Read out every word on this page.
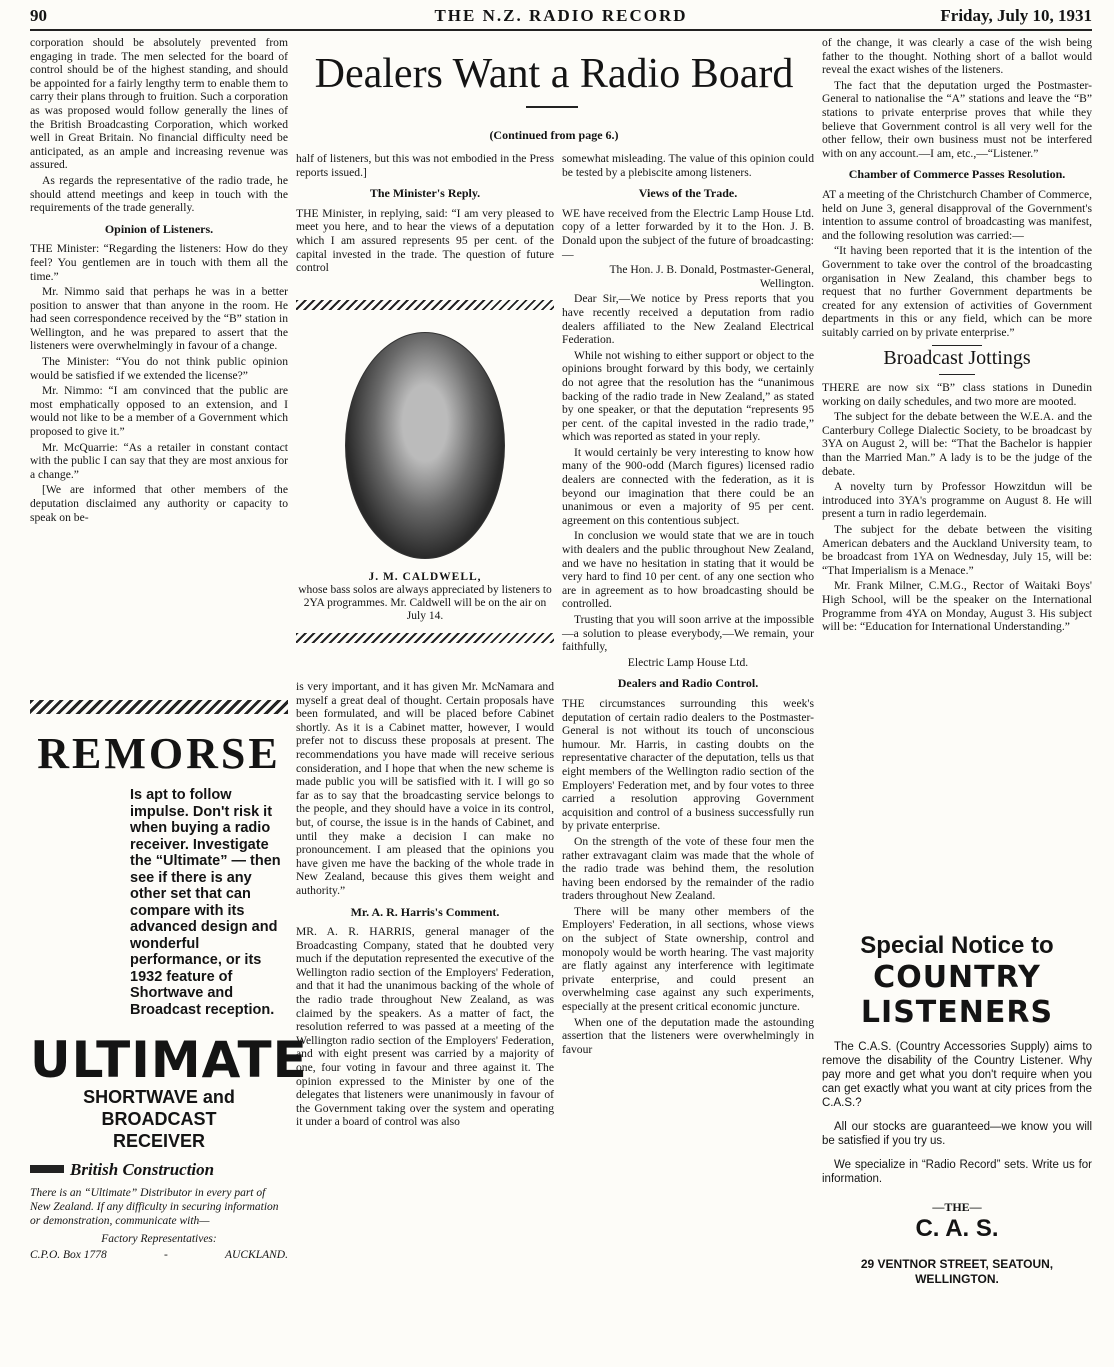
90	THE N.Z. RADIO RECORD	Friday, July 10, 1931

corporation should be absolutely prevented from engaging in trade. The men selected for the board of control should be of the highest standing, and should be appointed for a fairly lengthy term to enable them to carry their plans through to fruition. Such a corporation as was proposed would follow generally the lines of the British Broadcasting Corporation, which worked well in Great Britain. No financial difficulty need be anticipated, as an ample and increasing revenue was assured.

As regards the representative of the radio trade, he should attend meetings and keep in touch with the requirements of the trade generally.

Opinion of Listeners.

THE Minister: “Regarding the listeners: How do they feel? You gentlemen are in touch with them all the time.”

Mr. Nimmo said that perhaps he was in a better position to answer that than anyone in the room. He had seen correspondence received by the “B” station in Wellington, and he was prepared to assert that the listeners were overwhelmingly in favour of a change.

The Minister: “You do not think public opinion would be satisfied if we extended the license?”

Mr. Nimmo: “I am convinced that the public are most emphatically opposed to an extension, and I would not like to be a member of a Government which proposed to give it.”

Mr. McQuarrie: “As a retailer in constant contact with the public I can say that they are most anxious for a change.”

[We are informed that other members of the deputation disclaimed any authority or capacity to speak on be-

REMORSE
Is apt to follow impulse. Don't risk it when buying a radio receiver. Investigate the “Ultimate” — then see if there is any other set that can compare with its advanced design and wonderful performance, or its 1932 feature of Shortwave and Broadcast reception.
ULTIMATE
SHORTWAVE and BROADCAST
RECEIVER
British Construction
There is an “Ultimate” Distributor in every part of New Zealand. If any difficulty in securing information or demonstration, communicate with—
Factory Representatives:
C.P.O. Box 1778	-	AUCKLAND.
Dealers Want a Radio Board
(Continued from page 6.)

half of listeners, but this was not embodied in the Press reports issued.]

The Minister's Reply.

THE Minister, in replying, said: “I am very pleased to meet you here, and to hear the views of a deputation which I am assured represents 95 per cent. of the capital invested in the trade. The question of future control

J. M. CALDWELL,
whose bass solos are always appreciated by listeners to 2YA programmes. Mr. Caldwell will be on the air on July 14.

is very important, and it has given Mr. McNamara and myself a great deal of thought. Certain proposals have been formulated, and will be placed before Cabinet shortly. As it is a Cabinet matter, however, I would prefer not to discuss these proposals at present. The recommendations you have made will receive serious consideration, and I hope that when the new scheme is made public you will be satisfied with it. I will go so far as to say that the broadcasting service belongs to the people, and they should have a voice in its control, but, of course, the issue is in the hands of Cabinet, and until they make a decision I can make no pronouncement. I am pleased that the opinions you have given me have the backing of the whole trade in New Zealand, because this gives them weight and authority.”

Mr. A. R. Harris's Comment.

MR. A. R. HARRIS, general manager of the Broadcasting Company, stated that he doubted very much if the deputation represented the executive of the Wellington radio section of the Employers' Federation, and that it had the unanimous backing of the whole of the radio trade throughout New Zealand, as was claimed by the speakers. As a matter of fact, the resolution referred to was passed at a meeting of the Wellington radio section of the Employers' Federation, and with eight present was carried by a majority of one, four voting in favour and three against it. The opinion expressed to the Minister by one of the delegates that listeners were unanimously in favour of the Government taking over the system and operating it under a board of control was also

somewhat misleading. The value of this opinion could be tested by a plebiscite among listeners.

Views of the Trade.

WE have received from the Electric Lamp House Ltd. copy of a letter forwarded by it to the Hon. J. B. Donald upon the subject of the future of broadcasting:—

The Hon. J. B. Donald, Postmaster-General, Wellington.

Dear Sir,—We notice by Press reports that you have recently received a deputation from radio dealers affiliated to the New Zealand Electrical Federation.

While not wishing to either support or object to the opinions brought forward by this body, we certainly do not agree that the resolution has the “unanimous backing of the radio trade in New Zealand,” as stated by one speaker, or that the deputation “represents 95 per cent. of the capital invested in the radio trade,” which was reported as stated in your reply.

It would certainly be very interesting to know how many of the 900-odd (March figures) licensed radio dealers are connected with the federation, as it is beyond our imagination that there could be an unanimous or even a majority of 95 per cent. agreement on this contentious subject.

In conclusion we would state that we are in touch with dealers and the public throughout New Zealand, and we have no hesitation in stating that it would be very hard to find 10 per cent. of any one section who are in agreement as to how broadcasting should be controlled.

Trusting that you will soon arrive at the impossible—a solution to please everybody,—We remain, your faithfully,

Electric Lamp House Ltd.

Dealers and Radio Control.

THE circumstances surrounding this week's deputation of certain radio dealers to the Postmaster-General is not without its touch of unconscious humour. Mr. Harris, in casting doubts on the representative character of the deputation, tells us that eight members of the Wellington radio section of the Employers' Federation met, and by four votes to three carried a resolution approving Government acquisition and control of a business successfully run by private enterprise.

On the strength of the vote of these four men the rather extravagant claim was made that the whole of the radio trade was behind them, the resolution having been endorsed by the remainder of the radio traders throughout New Zealand.

There will be many other members of the Employers' Federation, in all sections, whose views on the subject of State ownership, control and monopoly would be worth hearing. The vast majority are flatly against any interference with legitimate private enterprise, and could present an overwhelming case against any such experiments, especially at the present critical economic juncture.

When one of the deputation made the astounding assertion that the listeners were overwhelmingly in favour

of the change, it was clearly a case of the wish being father to the thought. Nothing short of a ballot would reveal the exact wishes of the listeners.

The fact that the deputation urged the Postmaster-General to nationalise the “A” stations and leave the “B” stations to private enterprise proves that while they believe that Government control is all very well for the other fellow, their own business must not be interfered with on any account.—I am, etc.,—“Listener.”

Chamber of Commerce Passes Resolution.

AT a meeting of the Christchurch Chamber of Commerce, held on June 3, general disapproval of the Government's intention to assume control of broadcasting was manifest, and the following resolution was carried:—

“It having been reported that it is the intention of the Government to take over the control of the broadcasting organisation in New Zealand, this chamber begs to request that no further Government departments be created for any extension of activities of Government departments in this or any field, which can be more suitably carried on by private enterprise.”

Broadcast Jottings

THERE are now six “B” class stations in Dunedin working on daily schedules, and two more are mooted.

The subject for the debate between the W.E.A. and the Canterbury College Dialectic Society, to be broadcast by 3YA on August 2, will be: “That the Bachelor is happier than the Married Man.” A lady is to be the judge of the debate.

A novelty turn by Professor Howzitdun will be introduced into 3YA's programme on August 8. He will present a turn in radio legerdemain.

The subject for the debate between the visiting American debaters and the Auckland University team, to be broadcast from 1YA on Wednesday, July 15, will be: “That Imperialism is a Menace.”

Mr. Frank Milner, C.M.G., Rector of Waitaki Boys' High School, will be the speaker on the International Programme from 4YA on Monday, August 3. His subject will be: “Education for International Understanding.”

Special Notice to
COUNTRY LISTENERS
The C.A.S. (Country Accessories Supply) aims to remove the disability of the Country Listener. Why pay more and get what you don't require when you can get exactly what you want at city prices from the C.A.S.?
All our stocks are guaranteed—we know you will be satisfied if you try us.
We specialize in “Radio Record” sets. Write us for information.
—THE—
C. A. S.
29 VENTNOR STREET, SEATOUN,
WELLINGTON.
